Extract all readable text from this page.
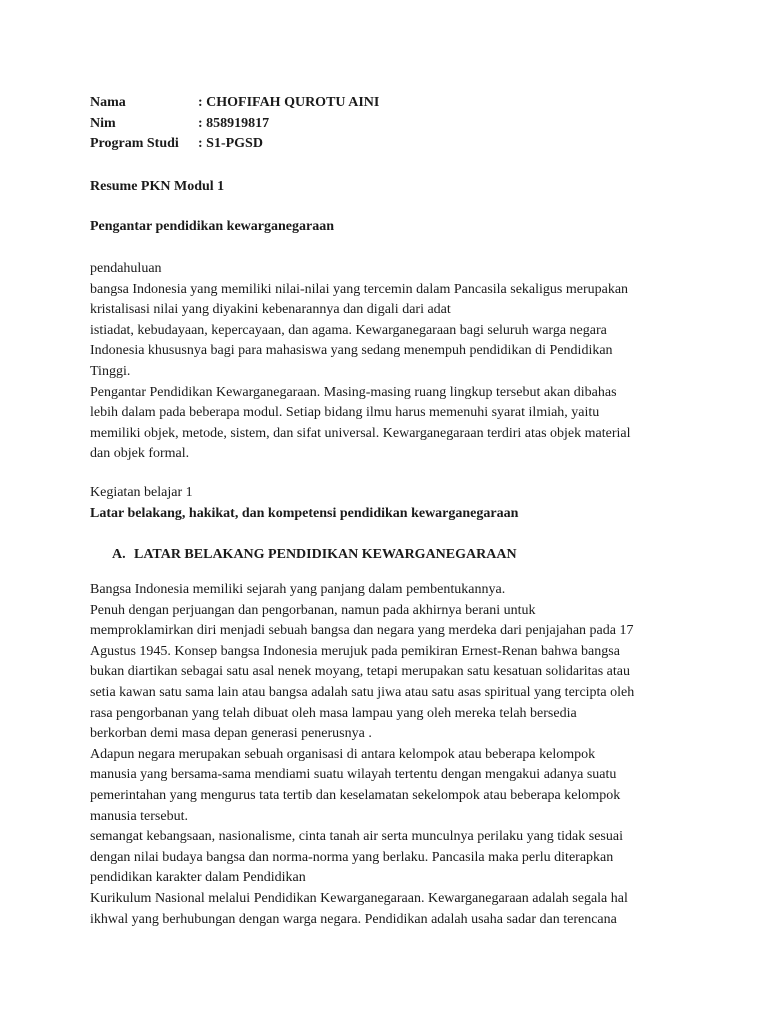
Nama	: CHOFIFAH QUROTU AINI
Nim	: 858919817
Program Studi : S1-PGSD
Resume PKN Modul 1
Pengantar pendidikan kewarganegaraan
pendahuluan
bangsa Indonesia yang memiliki nilai-nilai yang tercemin dalam Pancasila sekaligus merupakan
kristalisasi nilai yang diyakini kebenarannya dan digali dari adat
istiadat, kebudayaan, kepercayaan, dan agama. Kewarganegaraan bagi seluruh warga negara
Indonesia khususnya bagi para mahasiswa yang sedang menempuh pendidikan di Pendidikan
Tinggi.
Pengantar Pendidikan Kewarganegaraan. Masing-masing ruang lingkup tersebut akan dibahas
lebih dalam pada beberapa modul. Setiap bidang ilmu harus memenuhi syarat ilmiah, yaitu
memiliki objek, metode, sistem, dan sifat universal. Kewarganegaraan terdiri atas objek material
dan objek formal.
Kegiatan belajar 1
Latar belakang, hakikat, dan kompetensi pendidikan kewarganegaraan
A. LATAR BELAKANG PENDIDIKAN KEWARGANEGARAAN
Bangsa Indonesia memiliki sejarah yang panjang dalam pembentukannya.
Penuh dengan perjuangan dan pengorbanan, namun pada akhirnya berani untuk
memproklamirkan diri menjadi sebuah bangsa dan negara yang merdeka dari penjajahan pada 17
Agustus 1945. Konsep bangsa Indonesia merujuk pada pemikiran Ernest-Renan bahwa bangsa
bukan diartikan sebagai satu asal nenek moyang, tetapi merupakan satu kesatuan solidaritas atau
setia kawan satu sama lain atau bangsa adalah satu jiwa atau satu asas spiritual yang tercipta oleh
rasa pengorbanan yang telah dibuat oleh masa lampau yang oleh mereka telah bersedia
berkorban demi masa depan generasi penerusnya .
Adapun negara merupakan sebuah organisasi di antara kelompok atau beberapa kelompok
manusia yang bersama-sama mendiami suatu wilayah tertentu dengan mengakui adanya suatu
pemerintahan yang mengurus tata tertib dan keselamatan sekelompok atau beberapa kelompok
manusia tersebut.
semangat kebangsaan, nasionalisme, cinta tanah air serta munculnya perilaku yang tidak sesuai
dengan nilai budaya bangsa dan norma-norma yang berlaku. Pancasila maka perlu diterapkan
pendidikan karakter dalam Pendidikan
Kurikulum Nasional melalui Pendidikan Kewarganegaraan. Kewarganegaraan adalah segala hal
ikhwal yang berhubungan dengan warga negara. Pendidikan adalah usaha sadar dan terencana
